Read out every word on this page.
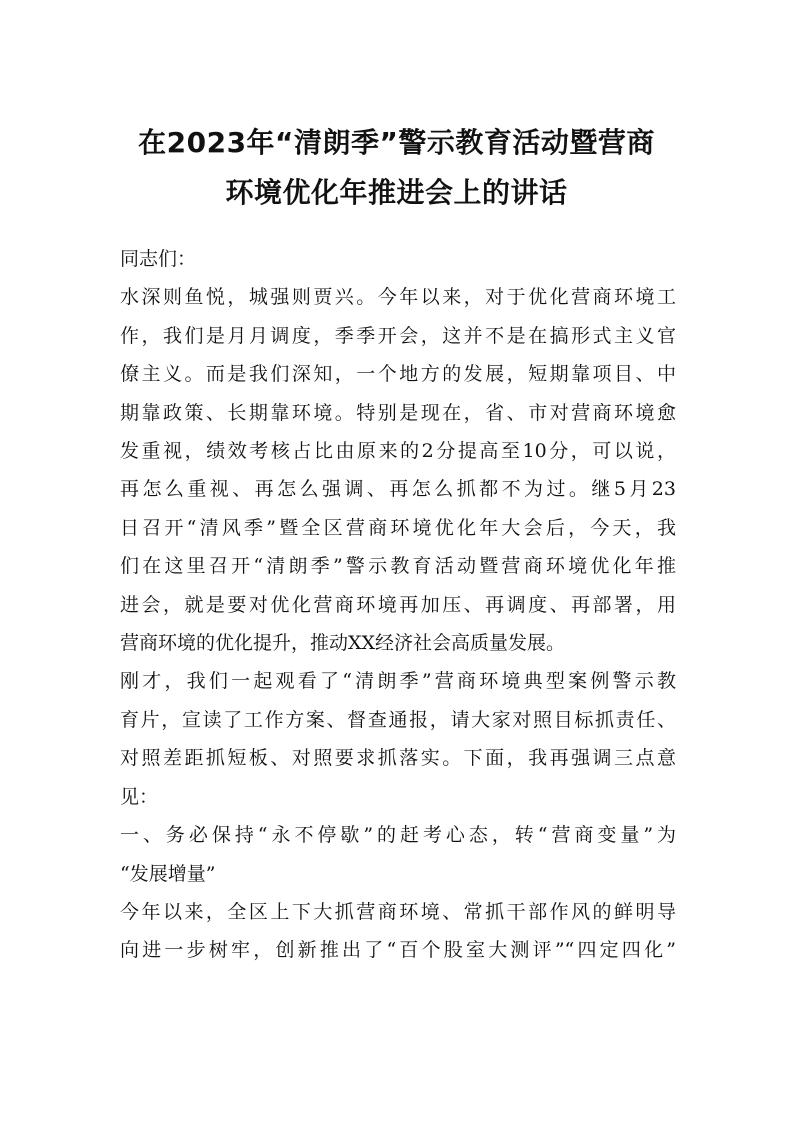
在2023年“清朗季”警示教育活动暨营商
环境优化年推进会上的讲话

同志们：

水深则鱼悦，城强则贾兴。今年以来，对于优化营商环境工
作，我们是月月调度，季季开会，这并不是在搞形式主义官
僚主义。而是我们深知，一个地方的发展，短期靠项目、中
期靠政策、长期靠环境。特别是现在，省、市对营商环境愈
发重视，绩效考核占比由原来的2分提高至10分，可以说，
再怎么重视、再怎么强调、再怎么抓都不为过。继5月23
日召开“清风季”暨全区营商环境优化年大会后，今天，我
们在这里召开“清朗季”警示教育活动暨营商环境优化年推
进会，就是要对优化营商环境再加压、再调度、再部署，用
营商环境的优化提升，推动XX经济社会高质量发展。

刚才，我们一起观看了“清朗季”营商环境典型案例警示教
育片，宣读了工作方案、督查通报，请大家对照目标抓责任、
对照差距抓短板、对照要求抓落实。下面，我再强调三点意
见：

一、务必保持“永不停歇”的赶考心态，转“营商变量”为
“发展增量”

今年以来，全区上下大抓营商环境、常抓干部作风的鲜明导
向进一步树牢，创新推出了“百个股室大测评”“四定四化”
